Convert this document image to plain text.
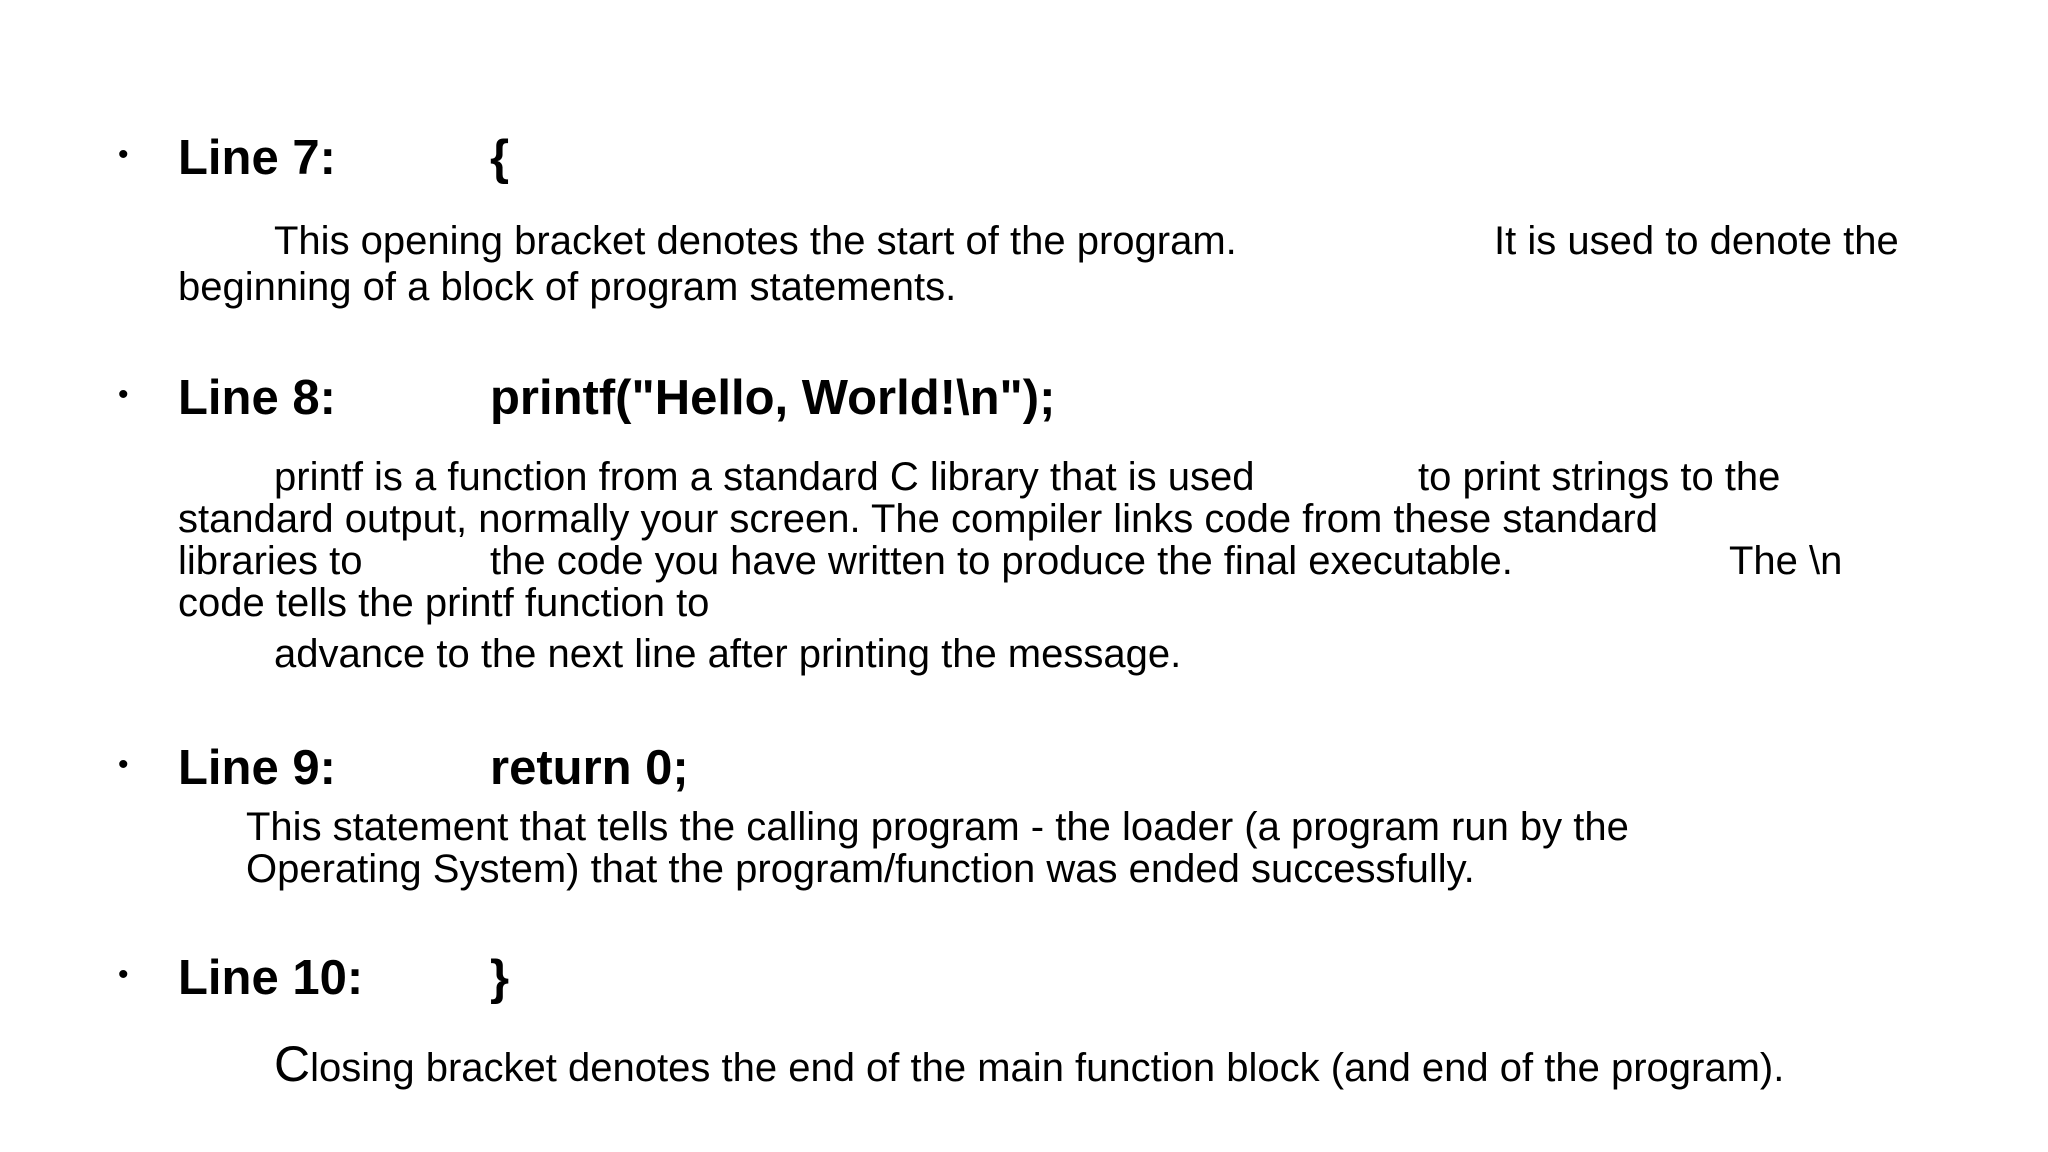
• Line 7:	{
This opening bracket denotes the start of the program.	It is used to denote the
beginning of a block of program statements.
• Line 8:	printf("Hello, World!\n");
printf is a function from a standard C library that is used	to print strings to the
standard output, normally your screen. The compiler links code from these standard
libraries to	the code you have written to produce the final executable.	The \n
code tells the printf function to
advance to the next line after printing the message.
• Line 9:	return 0;
This statement that tells the calling program - the loader (a program run by the
Operating System) that the program/function was ended successfully.
• Line 10:	}
Closing bracket denotes the end of the main function block (and end of the program).
